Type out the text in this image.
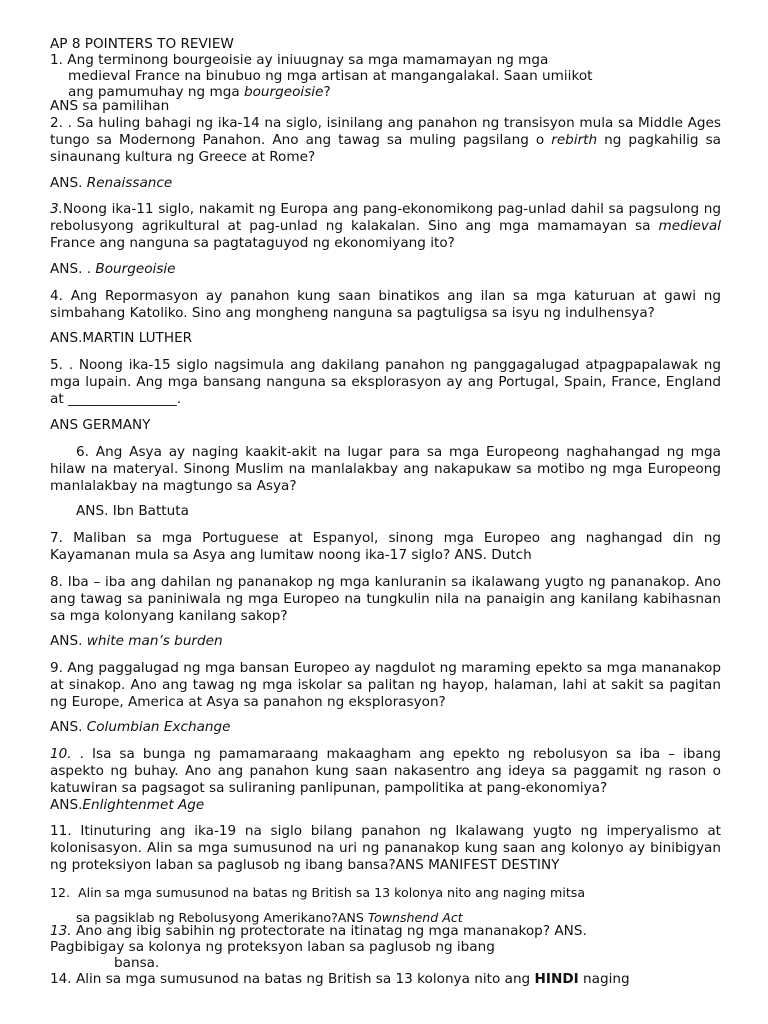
AP 8 POINTERS TO REVIEW

1. Ang terminong bourgeoisie ay iniuugnay sa mga mamamayan ng mga

medieval France na binubuo ng mga artisan at mangangalakal. Saan umiikot

ang pamumuhay ng mga bourgeoisie?

ANS sa pamilihan

2. . Sa huling bahagi ng ika-14 na siglo, isinilang ang panahon ng transisyon mula sa Middle Ages tungo sa Modernong Panahon. Ano ang tawag sa muling pagsilang o rebirth ng pagkahilig sa sinaunang kultura ng Greece at Rome?

ANS. Renaissance

3.Noong ika-11 siglo, nakamit ng Europa ang pang-ekonomikong pag-unlad dahil sa pagsulong ng rebolusyong agrikultural at pag-unlad ng kalakalan. Sino ang mga mamamayan sa medieval France ang nanguna sa pagtataguyod ng ekonomiyang ito?

ANS. . Bourgeoisie

4. Ang Repormasyon ay panahon kung saan binatikos ang ilan sa mga katuruan at gawi ng simbahang Katoliko. Sino ang mongheng nanguna sa pagtuligsa sa isyu ng indulhensya?

ANS.MARTIN LUTHER

5. . Noong ika-15 siglo nagsimula ang dakilang panahon ng panggagalugad atpagpapalawak ng mga lupain. Ang mga bansang nanguna sa eksplorasyon ay ang Portugal, Spain, France, England at ________________.

ANS GERMANY

6. Ang Asya ay naging kaakit-akit na lugar para sa mga Europeong naghahangad ng mga hilaw na materyal. Sinong Muslim na manlalakbay ang nakapukaw sa motibo ng mga Europeong manlalakbay na magtungo sa Asya?

ANS. Ibn Battuta

7. Maliban sa mga Portuguese at Espanyol, sinong mga Europeo ang naghangad din ng Kayamanan mula sa Asya ang lumitaw noong ika-17 siglo? ANS. Dutch

8. Iba – iba ang dahilan ng pananakop ng mga kanluranin sa ikalawang yugto ng pananakop. Ano ang tawag sa paniniwala ng mga Europeo na tungkulin nila na panaigin ang kanilang kabihasnan sa mga kolonyang kanilang sakop?

ANS. white man’s burden

9. Ang paggalugad ng mga bansan Europeo ay nagdulot ng maraming epekto sa mga mananakop at sinakop. Ano ang tawag ng mga iskolar sa palitan ng hayop, halaman, lahi at sakit sa pagitan ng Europe, America at Asya sa panahon ng eksplorasyon?

ANS. Columbian Exchange

10. . Isa sa bunga ng pamamaraang makaagham ang epekto ng rebolusyon sa iba – ibang aspekto ng buhay. Ano ang panahon kung saan nakasentro ang ideya sa paggamit ng rason o katuwiran sa pagsagot sa suliraning panlipunan, pampolitika at pang-ekonomiya?
ANS.Enlightenmet Age

11. Itinuturing ang ika-19 na siglo bilang panahon ng Ikalawang yugto ng imperyalismo at kolonisasyon. Alin sa mga sumusunod na uri ng pananakop kung saan ang kolonyo ay binibigyan ng proteksiyon laban sa paglusob ng ibang bansa?ANS MANIFEST DESTINY

12. Alin sa mga sumusunod na batas ng British sa 13 kolonya nito ang naging mitsa

sa pagsiklab ng Rebolusyong Amerikano?ANS Townshend Act

13. Ano ang ibig sabihin ng protectorate na itinatag ng mga mananakop? ANS.

Pagbibigay sa kolonya ng proteksyon laban sa paglusob ng ibang

bansa.

14. Alin sa mga sumusunod na batas ng British sa 13 kolonya nito ang HINDI naging
